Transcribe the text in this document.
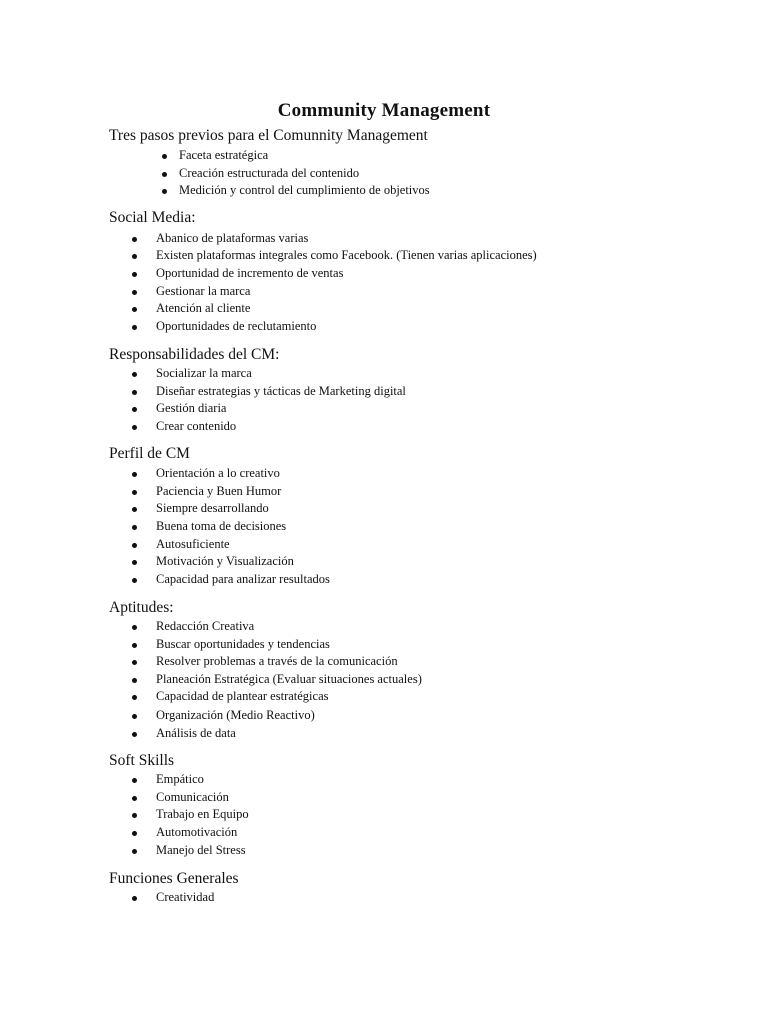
Community Management
Tres pasos previos para el Comunnity Management

Faceta estratégica

Creación estructurada del contenido

Medición y control del cumplimiento de objetivos

Social Media:

Abanico de plataformas varias

Existen plataformas integrales como Facebook. (Tienen varias aplicaciones)

Oportunidad de incremento de ventas

Gestionar la marca

Atención al cliente

Oportunidades de reclutamiento

Responsabilidades del CM:

Socializar la marca

Diseñar estrategias y tácticas de Marketing digital

Gestión diaria

Crear contenido

Perfil de CM

Orientación a lo creativo

Paciencia y Buen Humor

Siempre desarrollando

Buena toma de decisiones

Autosuficiente

Motivación y Visualización

Capacidad para analizar resultados

Aptitudes:

Redacción Creativa

Buscar oportunidades y tendencias

Resolver problemas a través de la comunicación

Planeación Estratégica (Evaluar situaciones actuales)

Capacidad de plantear estratégicas

Organización (Medio Reactivo)

Análisis de data

Soft Skills

Empático

Comunicación

Trabajo en Equipo

Automotivación

Manejo del Stress

Funciones Generales

Creatividad
